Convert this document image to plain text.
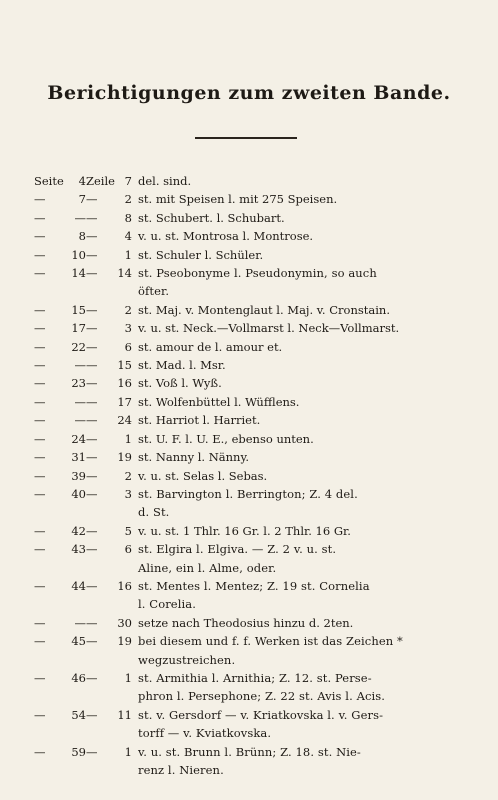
Berichtigungen zum zweiten Bande.
Seite	4 Zeile 7 del. sind.
—	7 —	2 st. mit Speisen l. mit 275 Speisen.
—	— —	8 st. Schubert. l. Schubart.
—	8 —	4 v. u. st. Montrosa l. Montrose.
—	10 —	1 st. Schuler l. Schüler.
—	14 — 14 st. Pseobonyme l. Pseudonymin, so auch
öfter.
—	15 —	2 st. Maj. v. Montenglaut l. Maj. v. Cronstain.
—	17 —	3 v. u. st. Neck.—Vollmarst l. Neck—Vollmarst.
—	22 —	6 st. amour de l. amour et.
—	— — 15 st. Mad. l. Msr.
—	23 — 16 st. Voß l. Wyß.
—	— — 17 st. Wolfenbüttel l. Wüfflens.
—	— — 24 st. Harriot l. Harriet.
—	24 —	1 st. U. F. l. U. E., ebenso unten.
—	31 — 19 st. Nanny l. Nänny.
—	39 —	2 v. u. st. Selas l. Sebas.
—	40 —	3 st. Barvington l. Berrington; Z. 4 del.
d. St.
—	42 —	5 v. u. st. 1 Thlr. 16 Gr. l. 2 Thlr. 16 Gr.
—	43 —	6 st. Elgira l. Elgiva. — Z. 2 v. u. st.
Aline, ein l. Alme, oder.
—	44 — 16 st. Mentes l. Mentez; Z. 19 st. Cornelia
l. Corelia.
—	— — 30 setze nach Theodosius hinzu d. 2ten.
—	45 — 19 bei diesem und f. f. Werken ist das Zeichen *
wegzustreichen.
—	46 —	1 st. Armithia l. Arnithia; Z. 12. st. Perse-
phron l. Persephone; Z. 22 st. Avis l. Acis.
—	54 — 11 st. v. Gersdorf — v. Kriatkovska l. v. Gers-
torff — v. Kviatkovska.
—	59 —	1 v. u. st. Brunn l. Brünn; Z. 18. st. Nie-
renz l. Nieren.
